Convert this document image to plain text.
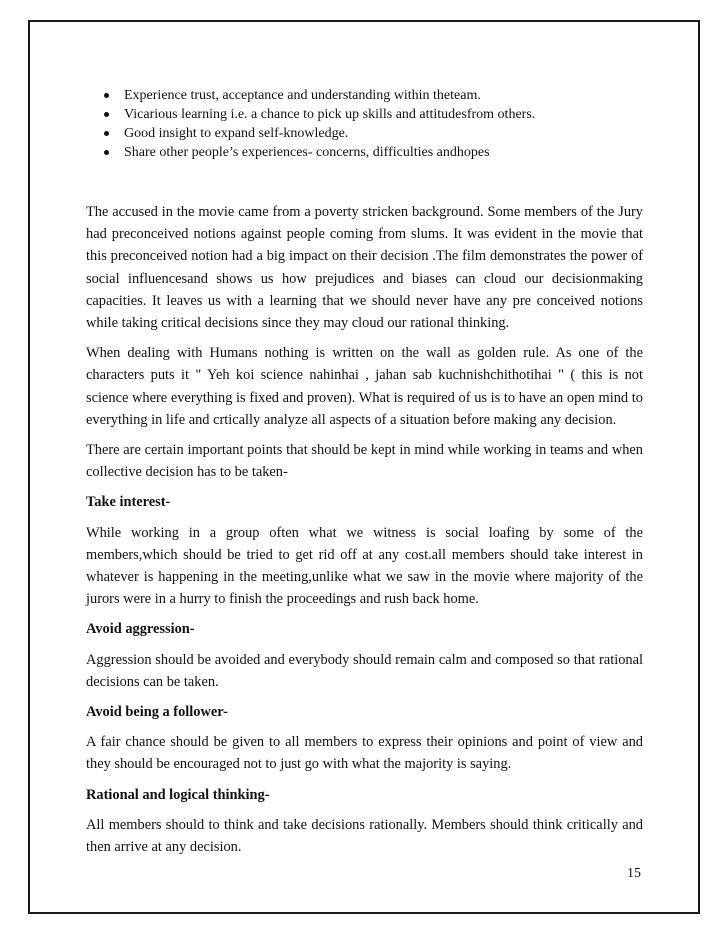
Experience trust, acceptance and understanding within theteam.
Vicarious learning i.e. a chance to pick up skills and attitudesfrom others.
Good insight to expand self-knowledge.
Share other people’s experiences- concerns, difficulties andhopes

The accused in the movie came from a poverty stricken background. Some members of the Jury had preconceived notions against people coming from slums. It was evident in the movie that this preconceived notion had a big impact on their decision .The film demonstrates the power of social influencesand shows us how prejudices and biases can cloud our decisionmaking capacities. It leaves us with a learning that we should never have any pre conceived notions while taking critical decisions since they may cloud our rational thinking.

When dealing with Humans nothing is written on the wall as golden rule. As one of the characters puts it " Yeh koi science nahinhai , jahan sab kuchnishchithotihai " ( this is not science where everything is fixed and proven). What is required of us is to have an open mind to everything in life and crtically analyze all aspects of a situation before making any decision.

There are certain important points that should be kept in mind while working in teams and when collective decision has to be taken-

Take interest-

While working in a group often what we witness is social loafing by some of the members,which should be tried to get rid off at any cost.all members should take interest in whatever is happening in the meeting,unlike what we saw in the movie where majority of the jurors were in a hurry to finish the proceedings and rush back home.

Avoid aggression-

Aggression should be avoided and everybody should remain calm and composed so that rational decisions can be taken.

Avoid being a follower-

A fair chance should be given to all members to express their opinions and point of view and they should be encouraged not to just go with what the majority is saying.

Rational and logical thinking-

All members should to think and take decisions rationally. Members should think critically and then arrive at any decision.

15
